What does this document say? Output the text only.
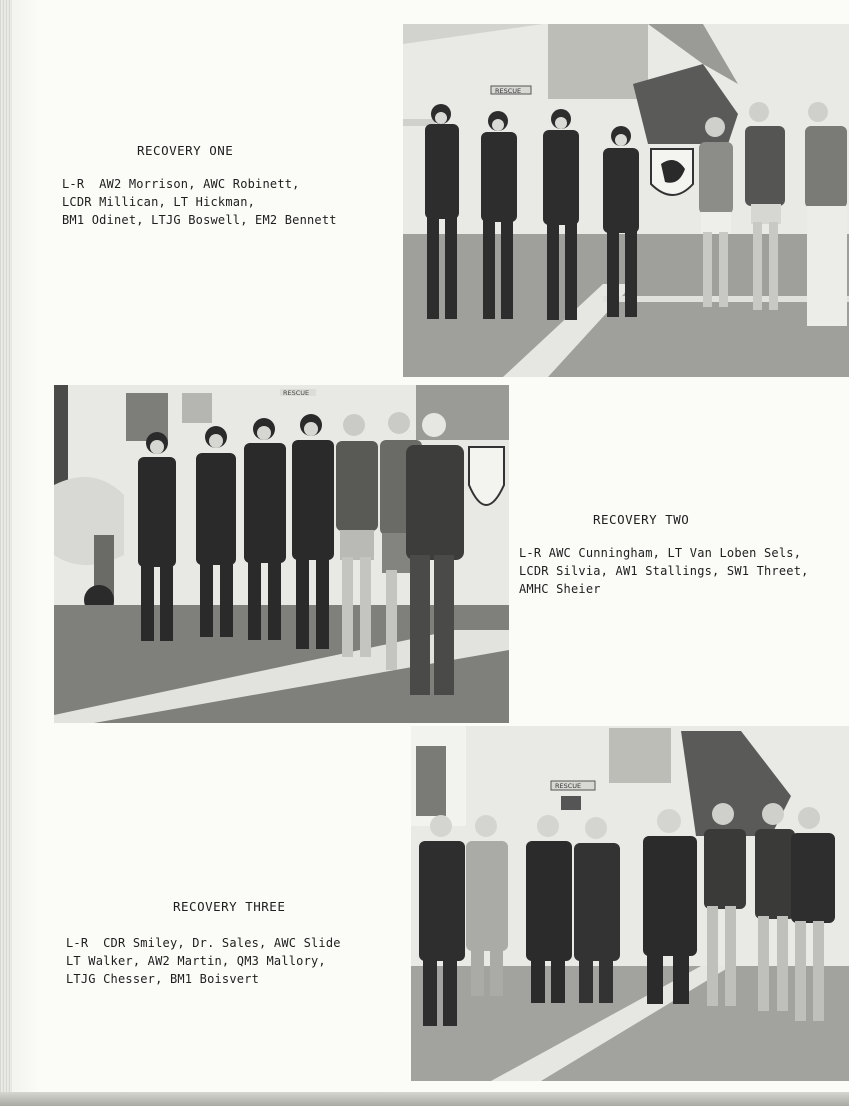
RECOVERY ONE
L-R  AW2 Morrison, AWC Robinett,
LCDR Millican, LT Hickman,
BM1 Odinet, LTJG Boswell, EM2 Bennett
RESCUE
RESCUE
RECOVERY TWO
L-R AWC Cunningham, LT Van Loben Sels,
LCDR Silvia, AW1 Stallings, SW1 Threet,
AMHC Sheier
RECOVERY THREE
L-R  CDR Smiley, Dr. Sales, AWC Slide
LT Walker, AW2 Martin, QM3 Mallory,
LTJG Chesser, BM1 Boisvert
RESCUE
